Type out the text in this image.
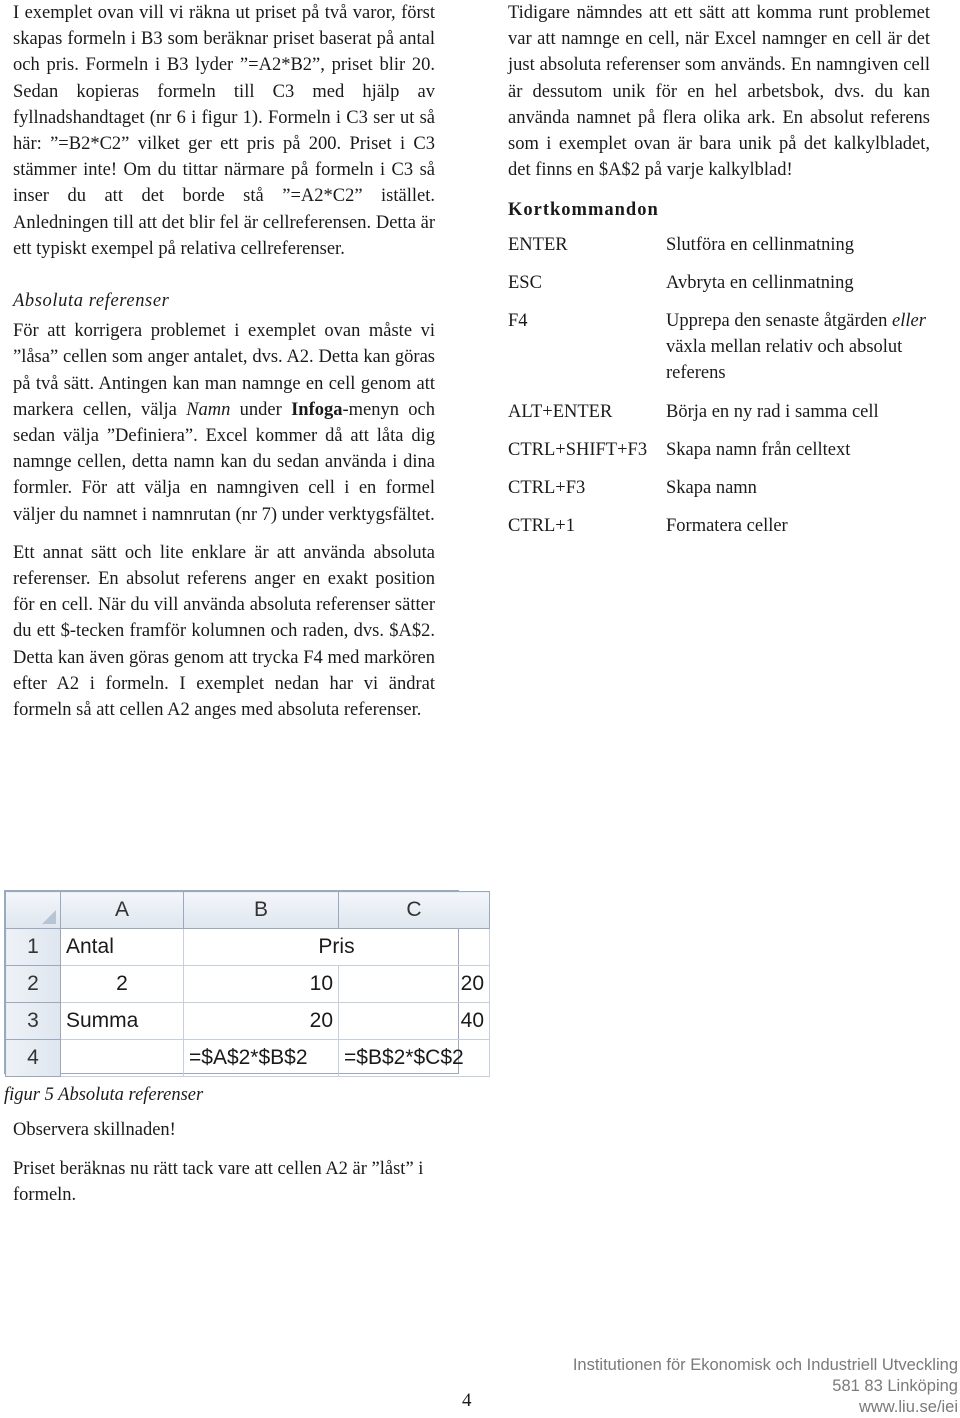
I exemplet ovan vill vi räkna ut priset på två varor, först skapas formeln i B3 som beräknar priset baserat på antal och pris. Formeln i B3 lyder ”=A2*B2”, priset blir 20. Sedan kopieras formeln till C3 med hjälp av fyllnadshandtaget (nr 6 i figur 1). Formeln i C3 ser ut så här: ”=B2*C2” vilket ger ett pris på 200. Priset i C3 stämmer inte! Om du tittar närmare på formeln i C3 så inser du att det borde stå ”=A2*C2” istället. Anledningen till att det blir fel är cellreferensen. Detta är ett typiskt exempel på relativa cellreferenser.

Absoluta referenser

För att korrigera problemet i exemplet ovan måste vi ”låsa” cellen som anger antalet, dvs. A2. Detta kan göras på två sätt. Antingen kan man namnge en cell genom att markera cellen, välja Namn under Infoga-menyn och sedan välja ”Definiera”. Excel kommer då att låta dig namnge cellen, detta namn kan du sedan använda i dina formler. För att välja en namngiven cell i en formel väljer du namnet i namnrutan (nr 7) under verktygsfältet.

Ett annat sätt och lite enklare är att använda absoluta referenser. En absolut referens anger en exakt position för en cell. När du vill använda absoluta referenser sätter du ett $-tecken framför kolumnen och raden, dvs. $A$2. Detta kan även göras genom att trycka F4 med markören efter A2 i formeln. I exemplet nedan har vi ändrat formeln så att cellen A2 anges med absoluta referenser.

	A	B	C
1	Antal	Pris	
2	2	10	20
3	Summa	20	40
4		=$A$2*$B$2	=$B$2*$C$2
figur 5 Absoluta referenser

Observera skillnaden!

Priset beräknas nu rätt tack vare att cellen A2 är ”låst” i formeln.

Tidigare nämndes att ett sätt att komma runt problemet var att namnge en cell, när Excel namnger en cell är det just absoluta referenser som används. En namngiven cell är dessutom unik för en hel arbetsbok, dvs. du kan använda namnet på flera olika ark. En absolut referens som i exemplet ovan är bara unik på det kalkylbladet, det finns en $A$2 på varje kalkylblad!

Kortkommandon

ENTER	Slutföra en cellinmatning
ESC	Avbryta en cellinmatning
F4	Upprepa den senaste åtgärden eller växla mellan relativ och absolut referens
ALT+ENTER	Börja en ny rad i samma cell
CTRL+SHIFT+F3	Skapa namn från celltext
CTRL+F3	Skapa namn
CTRL+1	Formatera celler
4
Institutionen för Ekonomisk och Industriell Utveckling
581 83 Linköping
www.liu.se/iei
